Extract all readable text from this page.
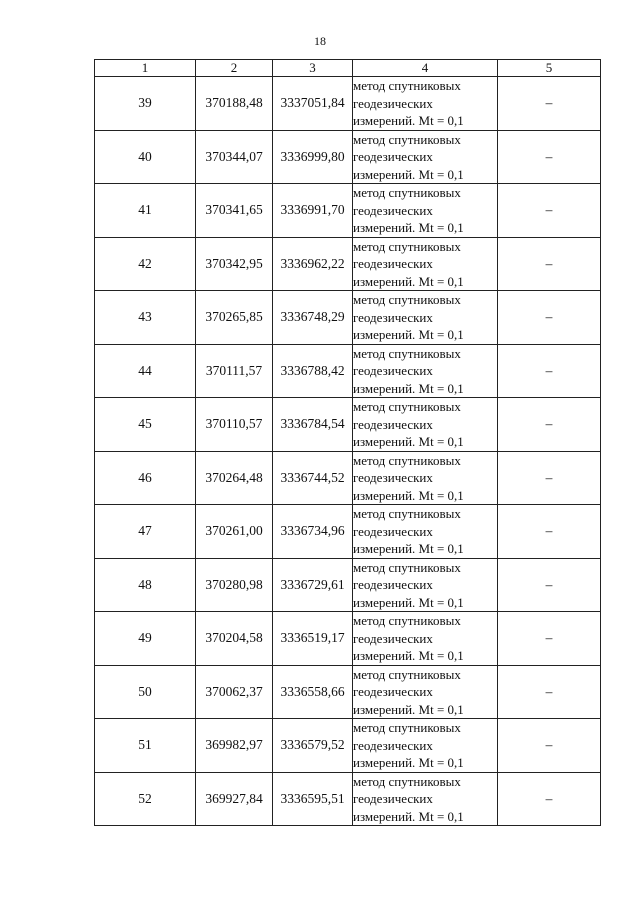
18
1	2	3	4	5
39	370188,48	3337051,84	метод спутниковых
геодезических
измерений. Mt = 0,1	–
40	370344,07	3336999,80	метод спутниковых
геодезических
измерений. Mt = 0,1	–
41	370341,65	3336991,70	метод спутниковых
геодезических
измерений. Mt = 0,1	–
42	370342,95	3336962,22	метод спутниковых
геодезических
измерений. Mt = 0,1	–
43	370265,85	3336748,29	метод спутниковых
геодезических
измерений. Mt = 0,1	–
44	370111,57	3336788,42	метод спутниковых
геодезических
измерений. Mt = 0,1	–
45	370110,57	3336784,54	метод спутниковых
геодезических
измерений. Mt = 0,1	–
46	370264,48	3336744,52	метод спутниковых
геодезических
измерений. Mt = 0,1	–
47	370261,00	3336734,96	метод спутниковых
геодезических
измерений. Mt = 0,1	–
48	370280,98	3336729,61	метод спутниковых
геодезических
измерений. Mt = 0,1	–
49	370204,58	3336519,17	метод спутниковых
геодезических
измерений. Mt = 0,1	–
50	370062,37	3336558,66	метод спутниковых
геодезических
измерений. Mt = 0,1	–
51	369982,97	3336579,52	метод спутниковых
геодезических
измерений. Mt = 0,1	–
52	369927,84	3336595,51	метод спутниковых
геодезических
измерений. Mt = 0,1	–
